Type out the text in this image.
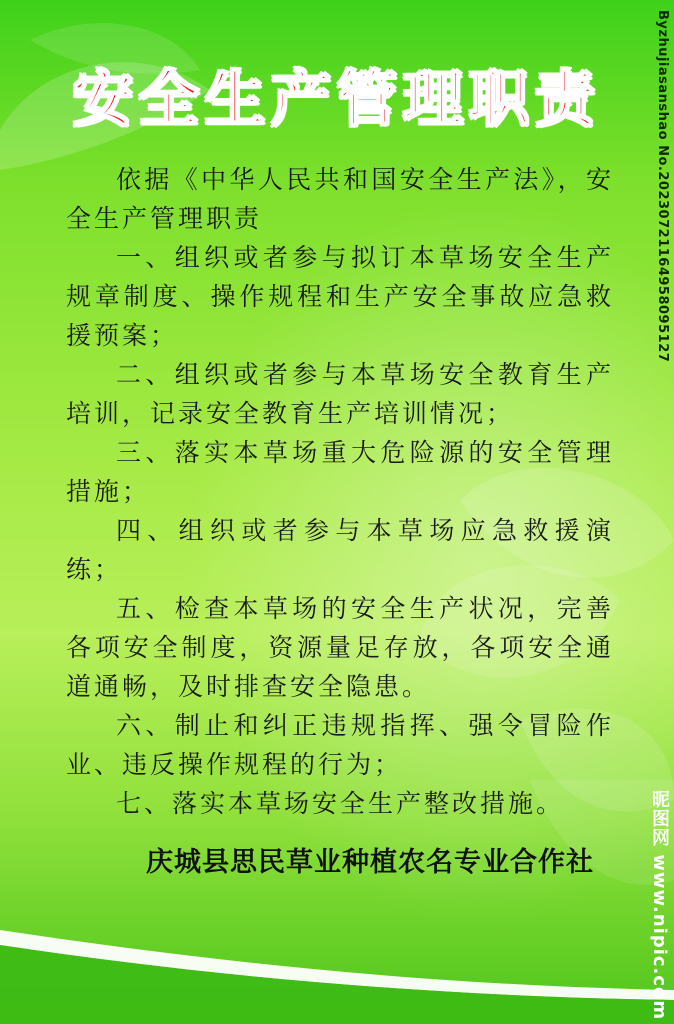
安全生产管理职责

依据《中华人民共和国安全生产法》，安全生产管理职责

一、组织或者参与拟订本草场安全生产规章制度、操作规程和生产安全事故应急救援预案；

二、组织或者参与本草场安全教育生产培训，记录安全教育生产培训情况；

三、落实本草场重大危险源的安全管理措施；

四、组织或者参与本草场应急救援演练；

五、检查本草场的安全生产状况，完善各项安全制度，资源量足存放，各项安全通道通畅，及时排查安全隐患。

六、制止和纠正违规指挥、强令冒险作业、违反操作规程的行为；

七、落实本草场安全生产整改措施。

庆城县思民草业种植农名专业合作社
Byzhujiasanshao No.20230721164958095127
昵图网 www.nipic.com
